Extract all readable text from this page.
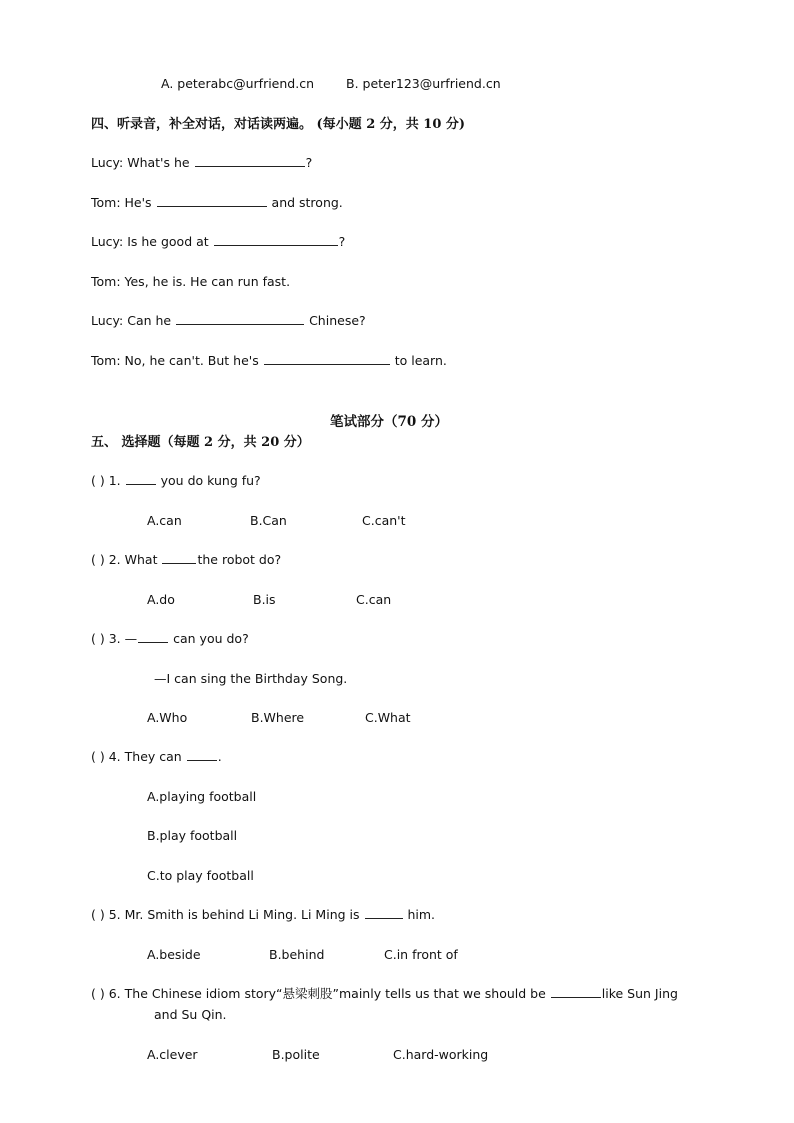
A. peterabc@urfriend.cn	B. peter123@urfriend.cn
四、听录音，补全对话，对话读两遍。 (每小题 2 分，共 10 分)
Lucy: What's he	?
Tom: He's	and strong.
Lucy: Is he good at	?
Tom: Yes, he is. He can run fast.
Lucy: Can he	Chinese?
Tom: No, he can't. But he's	to learn.
笔试部分（70 分）
五、 选择题（每题 2 分，共 20 分）
( ) 1.	you do kung fu?
A.can	B.Can	C.can't
( ) 2. What	the robot do?
A.do	B.is	C.can
( ) 3. —	can you do?
—I can sing the Birthday Song.
A.Who	B.Where	C.What
( ) 4. They can	.
A.playing football
B.play football
C.to play football
( ) 5. Mr. Smith is behind Li Ming. Li Ming is	him.
A.beside	B.behind	C.in front of
( ) 6. The Chinese idiom story“悬梁刺股”mainly tells us that we should be	like Sun Jing
and Su Qin.
A.clever	B.polite	C.hard-working
